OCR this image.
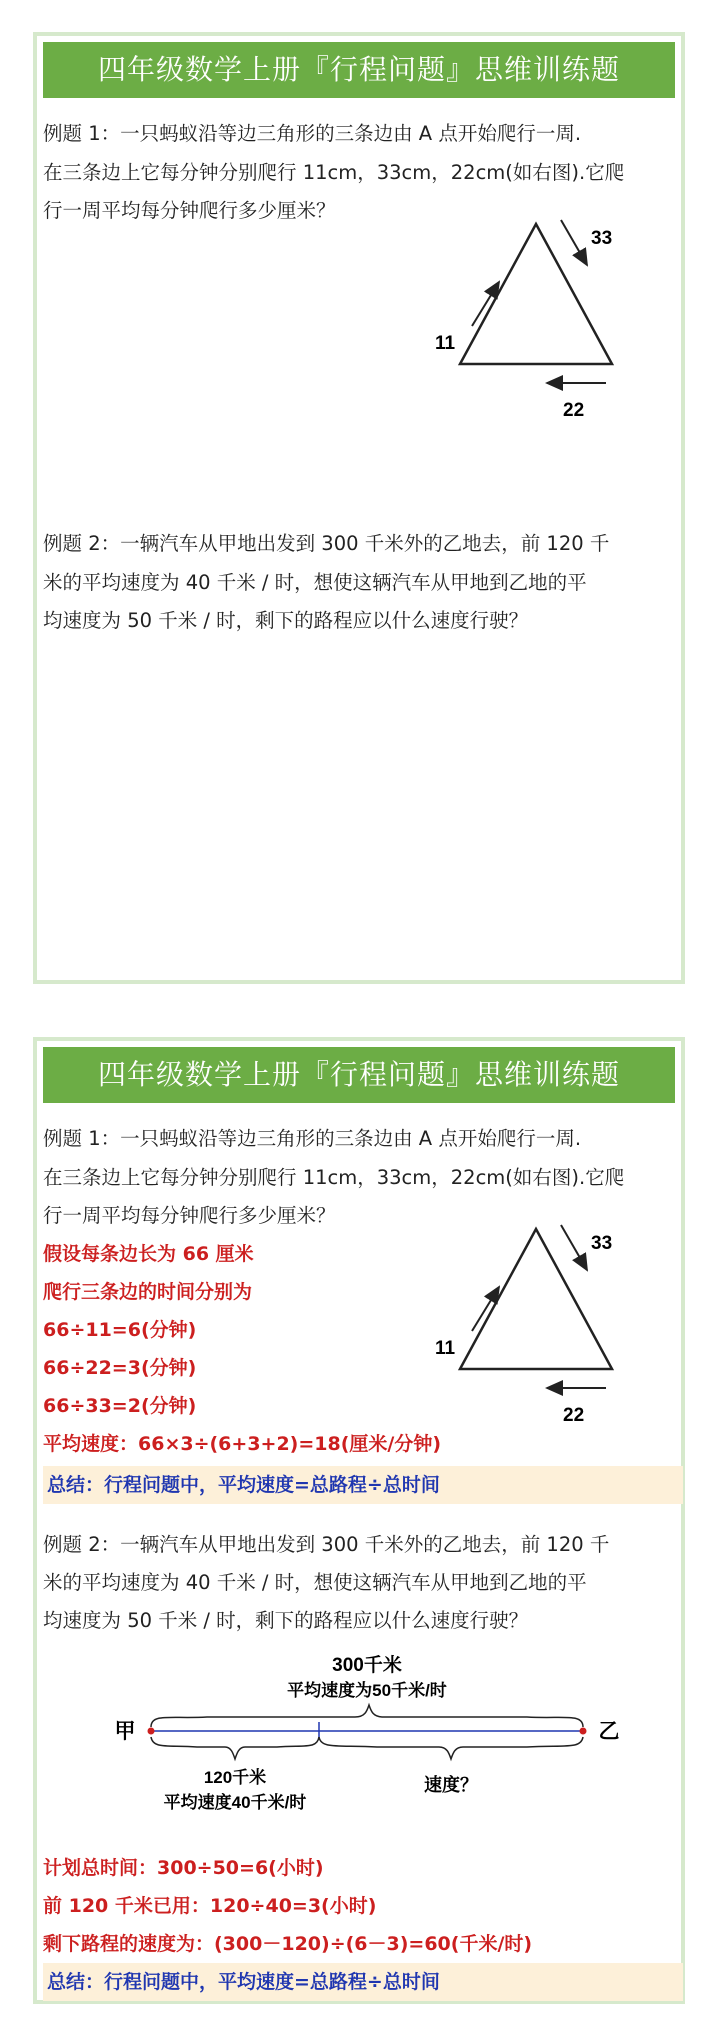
四年级数学上册『行程问题』思维训练题
例题 1：一只蚂蚁沿等边三角形的三条边由 A 点开始爬行一周.
在三条边上它每分钟分别爬行 11cm，33cm，22cm(如右图).它爬
行一周平均每分钟爬行多少厘米？
11
33
22
例题 2：一辆汽车从甲地出发到 300 千米外的乙地去，前 120 千
米的平均速度为 40 千米 / 时，想使这辆汽车从甲地到乙地的平
均速度为 50 千米 / 时，剩下的路程应以什么速度行驶？
四年级数学上册『行程问题』思维训练题
例题 1：一只蚂蚁沿等边三角形的三条边由 A 点开始爬行一周.
在三条边上它每分钟分别爬行 11cm，33cm，22cm(如右图).它爬
行一周平均每分钟爬行多少厘米？
假设每条边长为 66 厘米
爬行三条边的时间分别为
66÷11=6(分钟)
66÷22=3(分钟)
66÷33=2(分钟)
平均速度：66×3÷(6+3+2)=18(厘米/分钟)
11
33
22
总结：行程问题中，平均速度=总路程÷总时间
例题 2：一辆汽车从甲地出发到 300 千米外的乙地去，前 120 千
米的平均速度为 40 千米 / 时，想使这辆汽车从甲地到乙地的平
均速度为 50 千米 / 时，剩下的路程应以什么速度行驶？
300千米
平均速度为50千米/时
甲	乙
120千米
平均速度40千米/时
速度？
计划总时间：300÷50=6(小时)
前 120 千米已用：120÷40=3(小时)
剩下路程的速度为：(300－120)÷(6－3)=60(千米/时)
总结：行程问题中，平均速度=总路程÷总时间
